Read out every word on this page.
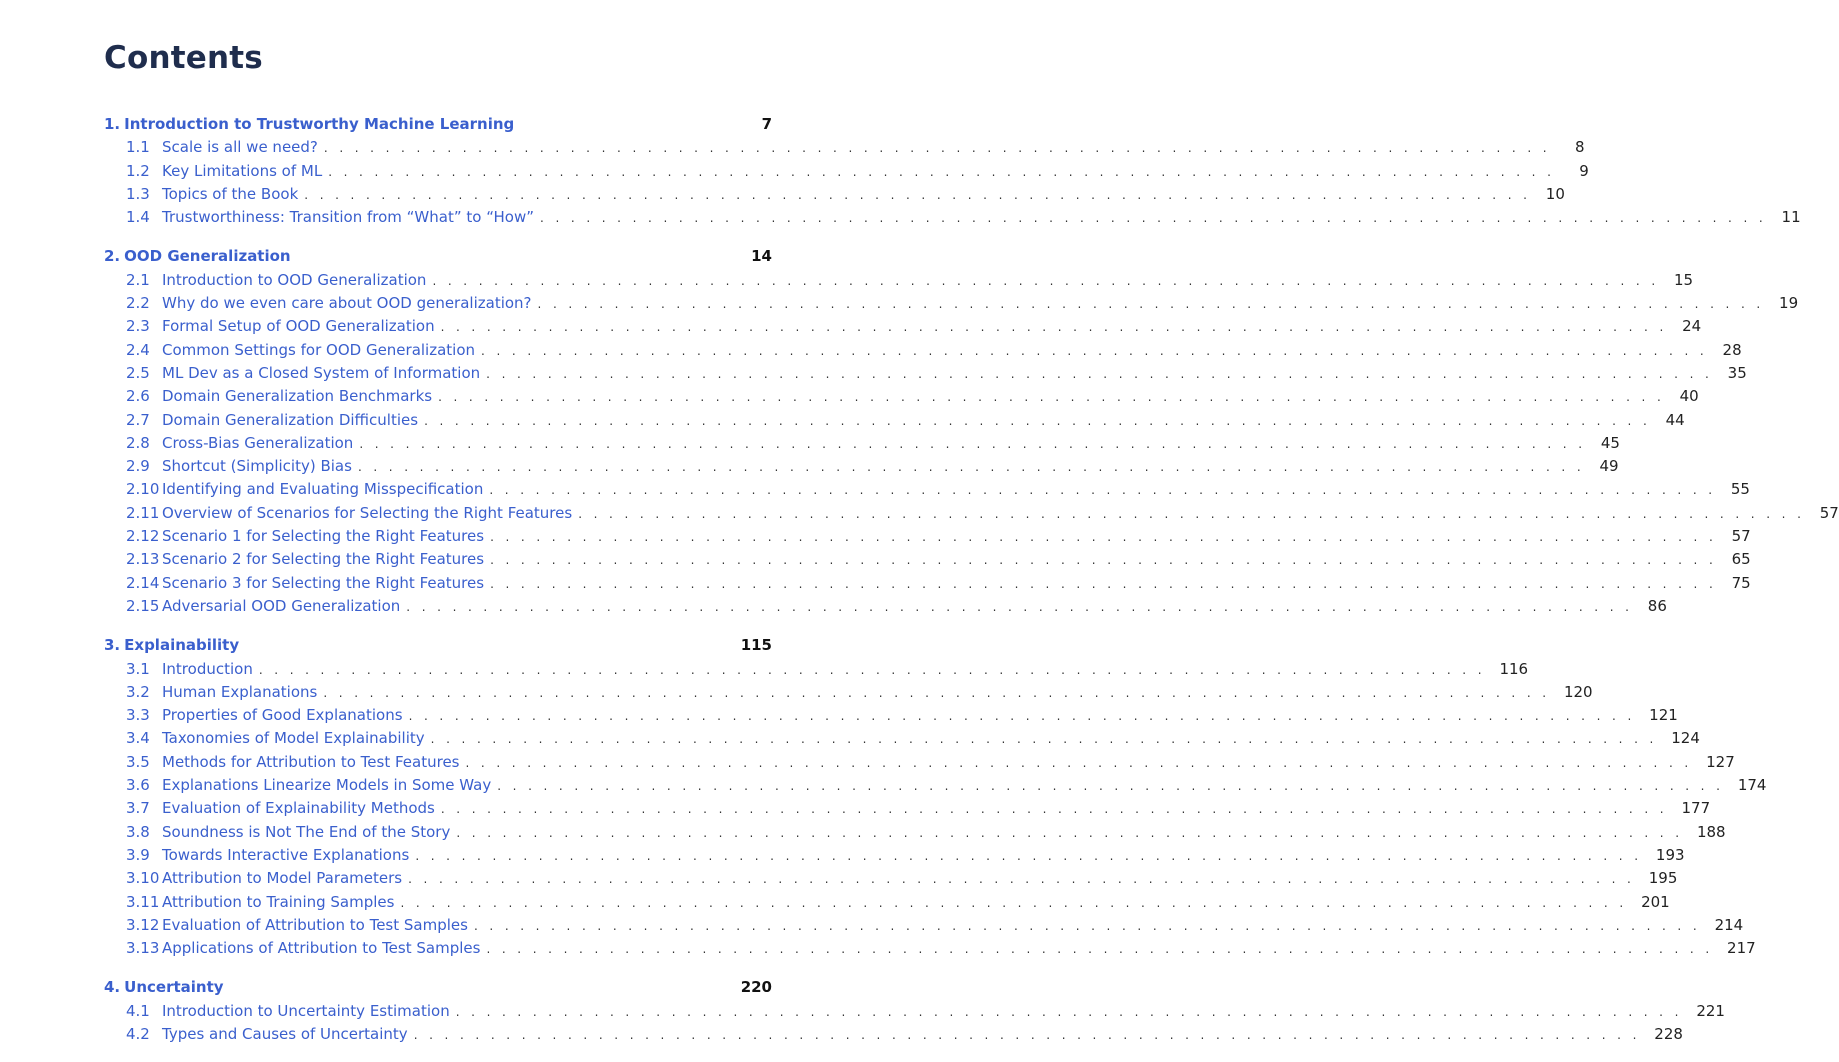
Contents
1. Introduction to Trustworthy Machine Learning	7
1.1 Scale is all we need? . . . . . . . . . . . . . . . . . . . . . . . . . . . . . . . . . . . . . . . . . . . . . . . . . . . . . . . . . . . . . . . . . . . . . . . . . . . . . . . .	8
1.2 Key Limitations of ML . . . . . . . . . . . . . . . . . . . . . . . . . . . . . . . . . . . . . . . . . . . . . . . . . . . . . . . . . . . . . . . . . . . . . . . . . . . . . . . .	9
1.3 Topics of the Book . . . . . . . . . . . . . . . . . . . . . . . . . . . . . . . . . . . . . . . . . . . . . . . . . . . . . . . . . . . . . . . . . . . . . . . . . . . . . . . . 10
1.4 Trustworthiness: Transition from “What” to “How” . . . . . . . . . . . . . . . . . . . . . . . . . . . . . . . . . . . . . . . . . . . . . . . . . . . . . . . . . . . . . . . . . . . . . . . . . . . . . . . . 11
2. OOD Generalization	14
2.1 Introduction to OOD Generalization . . . . . . . . . . . . . . . . . . . . . . . . . . . . . . . . . . . . . . . . . . . . . . . . . . . . . . . . . . . . . . . . . . . . . . . . . . . . . . . . 15
2.2 Why do we even care about OOD generalization? . . . . . . . . . . . . . . . . . . . . . . . . . . . . . . . . . . . . . . . . . . . . . . . . . . . . . . . . . . . . . . . . . . . . . . . . . . . . . . . . 19
2.3 Formal Setup of OOD Generalization . . . . . . . . . . . . . . . . . . . . . . . . . . . . . . . . . . . . . . . . . . . . . . . . . . . . . . . . . . . . . . . . . . . . . . . . . . . . . . . . 24
2.4 Common Settings for OOD Generalization . . . . . . . . . . . . . . . . . . . . . . . . . . . . . . . . . . . . . . . . . . . . . . . . . . . . . . . . . . . . . . . . . . . . . . . . . . . . . . . . 28
2.5 ML Dev as a Closed System of Information . . . . . . . . . . . . . . . . . . . . . . . . . . . . . . . . . . . . . . . . . . . . . . . . . . . . . . . . . . . . . . . . . . . . . . . . . . . . . . . . 35
2.6 Domain Generalization Benchmarks . . . . . . . . . . . . . . . . . . . . . . . . . . . . . . . . . . . . . . . . . . . . . . . . . . . . . . . . . . . . . . . . . . . . . . . . . . . . . . . . 40
2.7 Domain Generalization Difficulties . . . . . . . . . . . . . . . . . . . . . . . . . . . . . . . . . . . . . . . . . . . . . . . . . . . . . . . . . . . . . . . . . . . . . . . . . . . . . . . . 44
2.8 Cross-Bias Generalization . . . . . . . . . . . . . . . . . . . . . . . . . . . . . . . . . . . . . . . . . . . . . . . . . . . . . . . . . . . . . . . . . . . . . . . . . . . . . . . . 45
2.9 Shortcut (Simplicity) Bias . . . . . . . . . . . . . . . . . . . . . . . . . . . . . . . . . . . . . . . . . . . . . . . . . . . . . . . . . . . . . . . . . . . . . . . . . . . . . . . . 49
2.10 Identifying and Evaluating Misspecification . . . . . . . . . . . . . . . . . . . . . . . . . . . . . . . . . . . . . . . . . . . . . . . . . . . . . . . . . . . . . . . . . . . . . . . . . . . . . . . . 55
2.11 Overview of Scenarios for Selecting the Right Features . . . . . . . . . . . . . . . . . . . . . . . . . . . . . . . . . . . . . . . . . . . . . . . . . . . . . . . . . . . . . . . . . . . . . . . . . . . . . . . . 57
2.12 Scenario 1 for Selecting the Right Features . . . . . . . . . . . . . . . . . . . . . . . . . . . . . . . . . . . . . . . . . . . . . . . . . . . . . . . . . . . . . . . . . . . . . . . . . . . . . . . . 57
2.13 Scenario 2 for Selecting the Right Features . . . . . . . . . . . . . . . . . . . . . . . . . . . . . . . . . . . . . . . . . . . . . . . . . . . . . . . . . . . . . . . . . . . . . . . . . . . . . . . . 65
2.14 Scenario 3 for Selecting the Right Features . . . . . . . . . . . . . . . . . . . . . . . . . . . . . . . . . . . . . . . . . . . . . . . . . . . . . . . . . . . . . . . . . . . . . . . . . . . . . . . . 75
2.15 Adversarial OOD Generalization . . . . . . . . . . . . . . . . . . . . . . . . . . . . . . . . . . . . . . . . . . . . . . . . . . . . . . . . . . . . . . . . . . . . . . . . . . . . . . . . 86
3. Explainability	115
3.1 Introduction . . . . . . . . . . . . . . . . . . . . . . . . . . . . . . . . . . . . . . . . . . . . . . . . . . . . . . . . . . . . . . . . . . . . . . . . . . . . . . . . 116
3.2 Human Explanations . . . . . . . . . . . . . . . . . . . . . . . . . . . . . . . . . . . . . . . . . . . . . . . . . . . . . . . . . . . . . . . . . . . . . . . . . . . . . . . . 120
3.3 Properties of Good Explanations . . . . . . . . . . . . . . . . . . . . . . . . . . . . . . . . . . . . . . . . . . . . . . . . . . . . . . . . . . . . . . . . . . . . . . . . . . . . . . . . 121
3.4 Taxonomies of Model Explainability . . . . . . . . . . . . . . . . . . . . . . . . . . . . . . . . . . . . . . . . . . . . . . . . . . . . . . . . . . . . . . . . . . . . . . . . . . . . . . . . 124
3.5 Methods for Attribution to Test Features . . . . . . . . . . . . . . . . . . . . . . . . . . . . . . . . . . . . . . . . . . . . . . . . . . . . . . . . . . . . . . . . . . . . . . . . . . . . . . . . 127
3.6 Explanations Linearize Models in Some Way . . . . . . . . . . . . . . . . . . . . . . . . . . . . . . . . . . . . . . . . . . . . . . . . . . . . . . . . . . . . . . . . . . . . . . . . . . . . . . . . 174
3.7 Evaluation of Explainability Methods . . . . . . . . . . . . . . . . . . . . . . . . . . . . . . . . . . . . . . . . . . . . . . . . . . . . . . . . . . . . . . . . . . . . . . . . . . . . . . . . 177
3.8 Soundness is Not The End of the Story . . . . . . . . . . . . . . . . . . . . . . . . . . . . . . . . . . . . . . . . . . . . . . . . . . . . . . . . . . . . . . . . . . . . . . . . . . . . . . . . 188
3.9 Towards Interactive Explanations . . . . . . . . . . . . . . . . . . . . . . . . . . . . . . . . . . . . . . . . . . . . . . . . . . . . . . . . . . . . . . . . . . . . . . . . . . . . . . . . 193
3.10 Attribution to Model Parameters . . . . . . . . . . . . . . . . . . . . . . . . . . . . . . . . . . . . . . . . . . . . . . . . . . . . . . . . . . . . . . . . . . . . . . . . . . . . . . . . 195
3.11 Attribution to Training Samples . . . . . . . . . . . . . . . . . . . . . . . . . . . . . . . . . . . . . . . . . . . . . . . . . . . . . . . . . . . . . . . . . . . . . . . . . . . . . . . . 201
3.12 Evaluation of Attribution to Test Samples . . . . . . . . . . . . . . . . . . . . . . . . . . . . . . . . . . . . . . . . . . . . . . . . . . . . . . . . . . . . . . . . . . . . . . . . . . . . . . . . 214
3.13 Applications of Attribution to Test Samples . . . . . . . . . . . . . . . . . . . . . . . . . . . . . . . . . . . . . . . . . . . . . . . . . . . . . . . . . . . . . . . . . . . . . . . . . . . . . . . . 217
4. Uncertainty	220
4.1 Introduction to Uncertainty Estimation . . . . . . . . . . . . . . . . . . . . . . . . . . . . . . . . . . . . . . . . . . . . . . . . . . . . . . . . . . . . . . . . . . . . . . . . . . . . . . . . 221
4.2 Types and Causes of Uncertainty . . . . . . . . . . . . . . . . . . . . . . . . . . . . . . . . . . . . . . . . . . . . . . . . . . . . . . . . . . . . . . . . . . . . . . . . . . . . . . . . 228
